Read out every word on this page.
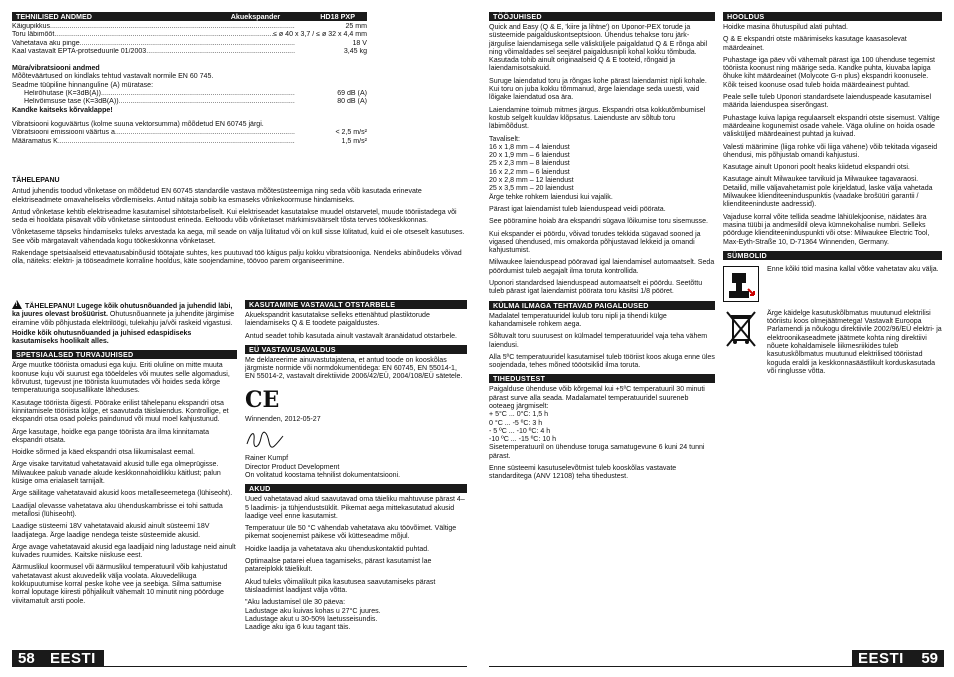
TEHNILISED ANDMED	Akuekspander	HD18 PXP
Käigupikkus .....	25 mm
Toru läbimõõt .....	≤ ø 40 x 3,7 / ≤ ø 32 x 4,4 mm
Vahetatava aku pinge .....	18 V
Kaal vastavalt EPTA-protseduurile 01/2003 .....	3,45 kg
Müra/vibratsiooni andmed
Mõõteväärtused on kindlaks tehtud vastavalt normile EN 60 745.
Seadme tüüpiline hinnanguline (A) müratase:
Helirõhutase (K=3dB(A)) .....	69 dB (A)
Helivõimsuse tase (K=3dB(A)) .....	80 dB (A)
Kandke kaitseks kõrvaklappe!
Vibratsiooni koguväärtus (kolme suuna vektorsumma) mõõdetud EN 60745 järgi.
Vibratsiooni emissiooni väärtus a .....	< 2,5 m/s²
Määramatus K .....	1,5 m/s²
TÄHELEPANU

Antud juhendis toodud võnketase on mõõdetud EN 60745 standardile vastava mõõtesüsteemiga ning seda võib kasutada erinevate elektriseadmete omavaheliseks võrdlemiseks. Antud näitaja sobib ka esmaseks võnkekoormuse hindamiseks.

Antud võnketase kehtib elektriseadme kasutamisel sihtotstarbeliselt. Kui elektriseadet kasutatakse muudel otstarvetel, muude tööriistadega või seda ei hooldata piisavalt võib võnketase siintoodust erineda. Eeltoodu võib võnketaset märkimisväärselt tõsta terves töökeskkonnas.

Võnketaseme täpseks hindamiseks tuleks arvestada ka aega, mil seade on välja lülitatud või on küll sisse lülitatud, kuid ei ole otseselt kasutuses. See võib märgatavalt vähendada kogu töökeskkonna võnketaset.

Rakendage spetsiaalseid ettevaatusabinõusid töötajate suhtes, kes puutuvad töö käigus palju kokku vibratsiooniga. Nendeks abinõudeks võivad olla, näiteks: elektri- ja tööseadmete korraline hooldus, käte soojendamine, töövoo parem organiseerimine.

!TÄHELEPANU! Lugege kõik ohutusnõuanded ja juhendid läbi, ka juures olevast brošüürist. Ohutusnõuannete ja juhendite järgimise eiramine võib põhjustada elektrilöögi, tulekahju ja/või raskeid vigastusi.
Hoidke kõik ohutusnõuanded ja juhised edaspidiseks kasutamiseks hoolikalt alles.
SPETSIAALSED TURVAJUHISED

Ärge muutke tööriista omadusi ega kuju. Eriti oluline on mitte muuta koonuse kuju või suurust ega tööeldeles või muutes selle algomadusi, kõrvutust, tugevust jne tööriista kuumutades või hoides seda kõrge temperatuuriga soojusallikate läheduses.

Kasutage tööriista õigesti. Pöörake erilist tähelepanu ekspandri otsa kinnitamisele tööriista külge, et saavutada täislaiendus. Kontrollige, et ekspandri otsa osad poleks paindunud või muul moel kahjustunud.

Ärge kasutage, hoidke ega pange tööriista ära ilma kinnitamata ekspandri otsata.

Hoidke sõrmed ja käed ekspandri otsa liikumisalast eemal.

Ärge visake tarvitatud vahetatavaid akusid tulle ega olmeprügisse. Milwaukee pakub vanade akude keskkonnahoidlikku käitlust; palun küsige oma erialaselt tarnijalt.

Ärge säilitage vahetatavaid akusid koos metalleseemetega (lühiseoht).

Laadijal olevasse vahetatava aku ühenduskambrisse ei tohi sattuda metallosi (lühiseoht).

Laadige süsteemi 18V vahetatavaid akusid ainult süsteemi 18V laadijatega. Ärge laadige nendega teiste süsteemide akusid.

Ärge avage vahetatavaid akusid ega laadijaid ning ladustage neid ainult kuivades ruumides. Kaitske niiskuse eest.

Äärmuslikul koormusel või äärmuslikul temperatuuril võib kahjustatud vahetatavast akust akuvedelik välja voolata. Akuvedelikuga kokkupuutumise korral peske kohe vee ja seebiga. Silma sattumise korral loputage kiiresti põhjalikult vähemalt 10 minutit ning pöörduge viivitamatult arsti poole.

KASUTAMINE VASTAVALT OTSTARBELE

Akuekspandrit kasutatakse selleks ettenähtud plastiktorude laiendamiseks Q & E toodete paigaldustes.

Antud seadet tohib kasutada ainult vastavalt äranäidatud otstarbele.

EÜ VASTAVUSAVALDUS

Me deklareerime ainuvastutajatena, et antud toode on kooskõlas järgmiste normide või normdokumentidega: EN 60745, EN 55014-1, EN 55014-2, vastavalt direktiivide 2006/42/EÜ, 2004/108/EÜ sätetele.

CE
Winnenden, 2012-05-27
Rainer Kumpf
Director Product Development

On volitatud koostama tehnilist dokumentatsiooni.

AKUD

Uued vahetatavad akud saavutavad oma täieliku mahtuvuse pärast 4–5 laadimis- ja tühjendustsüklit. Pikemat aega mittekasutatud akusid laadige veel enne kasutamist.

Temperatuur üle 50 °C vähendab vahetatava aku töövõimet. Vältige pikemat soojenemist päikese või kütteseadme mõjul.

Hoidke laadija ja vahetatava aku ühenduskontaktid puhtad.

Optimaalse patarei eluea tagamiseks, pärast kasutamist lae patareiplokk täielikult.

Akud tuleks võimalikult pika kasutusea saavutamiseks pärast täislaadimist laadijast välja võtta.

"Aku ladustamisel üle 30 päeva:
Ladustage aku kuivas kohas u 27°C juures.
Ladustage akut u 30-50% laetusseisundis.
Laadige aku iga 6 kuu tagant täis.

58 EESTI
TÖÖJUHISED

Quick and Easy (Q & E, 'kiire ja lihtne') on Uponor-PEX torude ja süsteemide paigalduskontseptsioon. Ühendus tehakse toru järk-järgulise laiendamisega selle välisküljele paigaldatud Q & E rõnga abil ning võimaldades sel seejärel paigaldusnipli kohal kokku tõmbuda. Kasutada tohib ainult originaalseid Q & E tooteid, rõngaid ja laiendamisotsakuid.

Suruge laiendatud toru ja rõngas kohe pärast laiendamist nipli kohale. Kui toru on juba kokku tõmmanud, ärge laiendage seda uuesti, vaid lõigake laiendatud osa ära.

Laiendamine toimub mitmes järgus. Ekspandri otsa kokkutõmbumisel kostub selgelt kuuldav klõpsatus. Laienduste arv sõltub toru läbimõõdust.

Tavaliselt:
16 x 1,8 mm – 4 laiendust
20 x 1,9 mm – 6 laiendust
25 x 2,3 mm – 8 laiendust
16 x 2,2 mm – 6 laiendust
20 x 2,8 mm – 12 laiendust
25 x 3,5 mm – 20 laiendust
Ärge tehke rohkem laiendusi kui vajalik.

Pärast igat laiendamist tuleb laienduspead veidi pöörata.

See pööramine hoiab ära ekspandri sügava lõikumise toru sisemusse.

Kui ekspander ei pöördu, võivad torudes tekkida sügavad sooned ja vigased ühendused, mis omakorda põhjustavad lekkeid ja omandi kahjustumist.

Milwaukee laienduspead pööravad igal laiendamisel automaatselt. Seda pöördumist tuleb aegajalt ilma toruta kontrollida.

Uponori standardsed laienduspead automaatselt ei pöördu. Seetõttu tuleb pärast igat laiendamist pöörata toru käsitsi 1/8 pööret.

KÜLMA ILMAGA TEHTAVAD PAIGALDUSED

Madalatel temperatuuridel kulub toru nipli ja tihendi külge kahandamisele rohkem aega.

Sõltuvalt toru suurusest on külmadel temperatuuridel vaja teha vähem laiendusi.

Alla 5ºC temperatuuridel kasutamisel tuleb tööriist koos akuga enne üles soojendada, tehes mõned tööotsiklid ilma toruta.

TIHEDUSTEST

Paigalduse ühenduse võib kõrgemal kui +5ºC temperatuuril 30 minuti pärast surve alla seada. Madalamatel temperatuuridel suureneb ooteaeg järgmiselt:
+ 5°C ... 0°C: 1,5 h
0 °C ... -5 ºC: 3 h
- 5 ºC ... -10 ºC: 4 h
-10 ºC ... -15 ºC: 10 h
Sisetemperatuuril on ühenduse toruga samatugevune 6 kuni 24 tunni pärast.

Enne süsteemi kasutuselevõtmist tuleb kooskõlas vastavate standarditega (ANV 12108) teha tihedustest.

HOOLDUS

Hoidke masina õhutuspilud alati puhtad.

Q & E ekspandri otste määrimiseks kasutage kaasasolevat määrdeainet.

Puhastage iga päev või vähemalt pärast iga 100 ühenduse tegemist tööriista koonust ning määrige seda. Kandke puhta, kiuvaba lapiga õhuke kiht määrdeainet (Molycote G-n plus) ekspandri koonusele. Kõik teised koonuse osad tuleb hoida määrdeainest puhtad.

Peale selle tuleb Uponori standardsete laienduspeade kasutamisel määrida laienduspea siserõngast.

Puhastage kuiva lapiga regulaarselt ekspandri otste sisemust. Vältige määrdeaine kogunemist osade vahele. Väga oluline on hoida osade välisküljed määrdeainest puhtad ja kuivad.

Valesti määrimine (liiga rohke või liiga vähene) võib tekitada vigaseid ühendusi, mis põhjustab omandi kahjustusi.

Kasutage ainult Uponori poolt heaks kiidetud ekspandri otsi.

Kasutage ainult Milwaukee tarvikuid ja Milwaukee tagavaraosi. Detailid, mille väljavahetamist pole kirjeldatud, laske välja vahetada Milwaukee klienditeeninduspunktis (vaadake brošüüri garantii / klienditeeninduste aadressid).

Vajaduse korral võite tellida seadme lähiülekjoonise, näidates ära masina tüübi ja andmesildil oleva kümnekohalise numbri. Selleks pöörduge klienditeeninduspunkti või otse: Milwaukee Electric Tool, Max-Eyth-Straße 10, D-71364 Winnenden, Germany.

SÜMBOLID
Enne kõiki töid masina kallal võtke vahetatav aku välja.
Ärge käidelge kasutuskõlbmatus muutunud elektrilisi tööriistu koos olmejäätmetega! Vastavalt Euroopa Parlamendi ja nõukogu direktiivile 2002/96/EÜ elektri- ja elektroonikaseadmete jäätmete kohta ning direktiivi nõuete kohaldamisele liikmesriikides tuleb kasutuskõlbmatus muutunud elektrilised tööriistad koguda eraldi ja keskkonnasäästlikult korduskasutada või ringlusse võtta.
EESTI 59
